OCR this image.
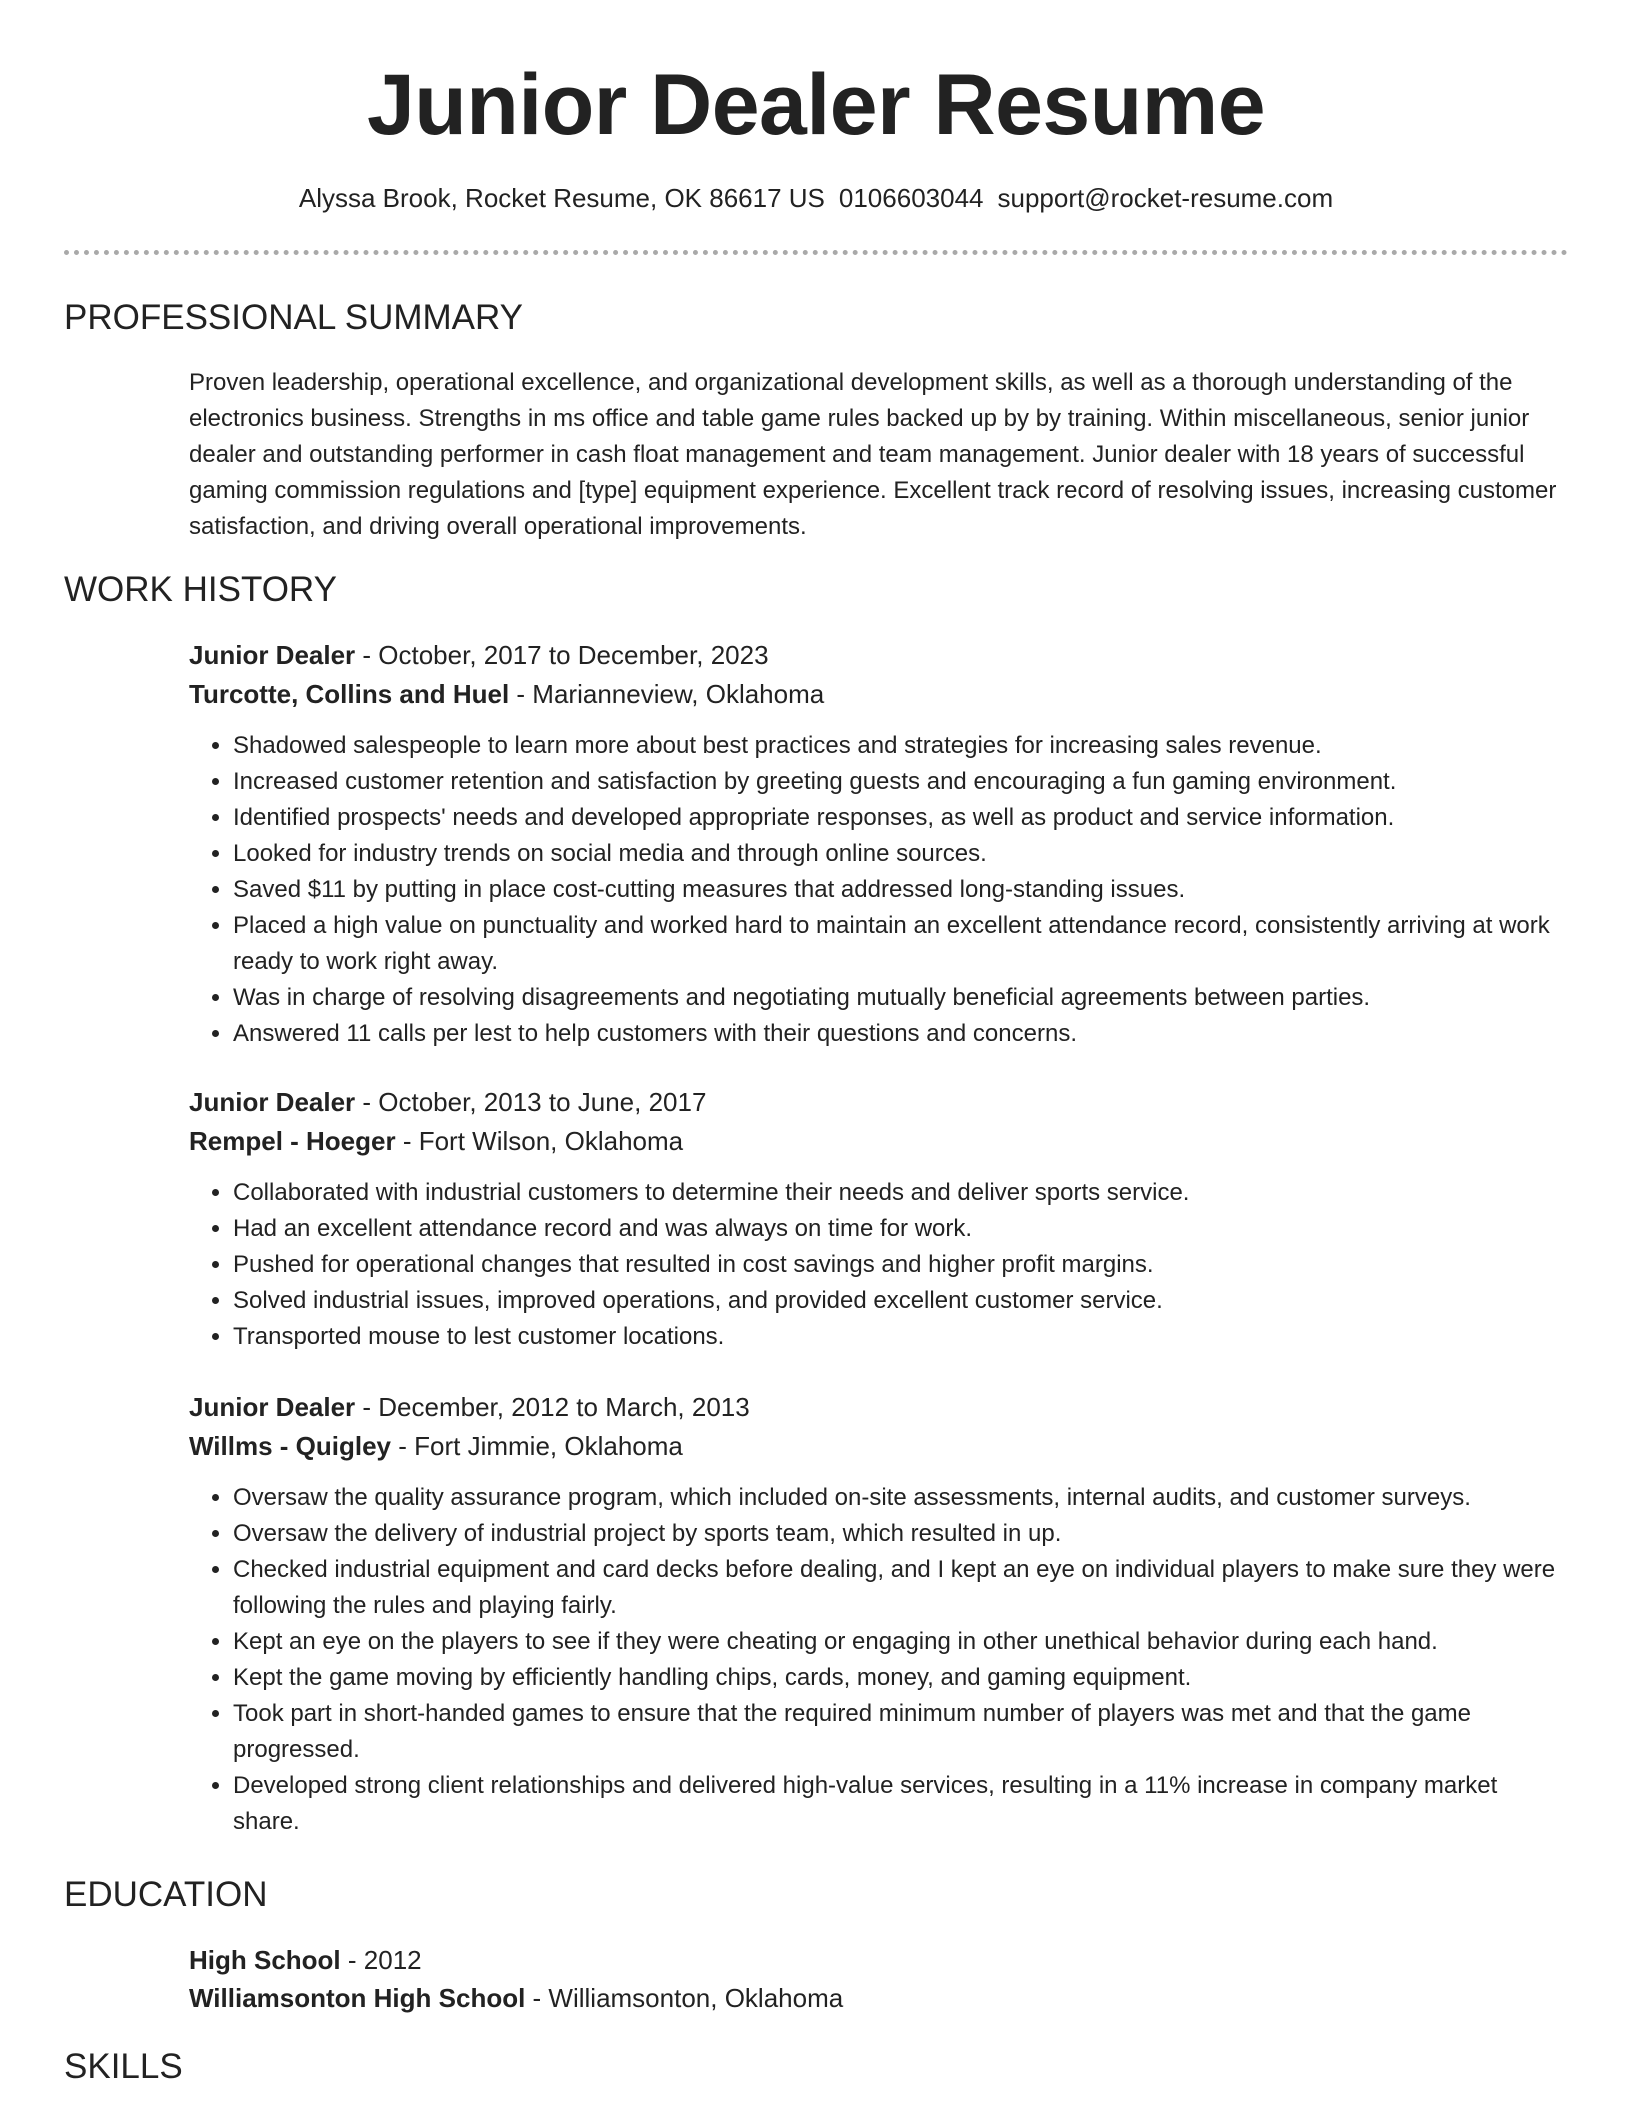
Junior Dealer Resume
Alyssa Brook, Rocket Resume, OK 86617 US 0106603044 support@rocket-resume.com
PROFESSIONAL SUMMARY
Proven leadership, operational excellence, and organizational development skills, as well as a thorough understanding of the electronics business. Strengths in ms office and table game rules backed up by by training. Within miscellaneous, senior junior dealer and outstanding performer in cash float management and team management. Junior dealer with 18 years of successful gaming commission regulations and [type] equipment experience. Excellent track record of resolving issues, increasing customer satisfaction, and driving overall operational improvements.
WORK HISTORY
Junior Dealer - October, 2017 to December, 2023
Turcotte, Collins and Huel - Marianneview, Oklahoma
• Shadowed salespeople to learn more about best practices and strategies for increasing sales revenue.
• Increased customer retention and satisfaction by greeting guests and encouraging a fun gaming environment.
• Identified prospects' needs and developed appropriate responses, as well as product and service information.
• Looked for industry trends on social media and through online sources.
• Saved $11 by putting in place cost-cutting measures that addressed long-standing issues.
• Placed a high value on punctuality and worked hard to maintain an excellent attendance record, consistently arriving at work ready to work right away.
• Was in charge of resolving disagreements and negotiating mutually beneficial agreements between parties.
• Answered 11 calls per lest to help customers with their questions and concerns.
Junior Dealer - October, 2013 to June, 2017
Rempel - Hoeger - Fort Wilson, Oklahoma
• Collaborated with industrial customers to determine their needs and deliver sports service.
• Had an excellent attendance record and was always on time for work.
• Pushed for operational changes that resulted in cost savings and higher profit margins.
• Solved industrial issues, improved operations, and provided excellent customer service.
• Transported mouse to lest customer locations.
Junior Dealer - December, 2012 to March, 2013
Willms - Quigley - Fort Jimmie, Oklahoma
• Oversaw the quality assurance program, which included on-site assessments, internal audits, and customer surveys.
• Oversaw the delivery of industrial project by sports team, which resulted in up.
• Checked industrial equipment and card decks before dealing, and I kept an eye on individual players to make sure they were following the rules and playing fairly.
• Kept an eye on the players to see if they were cheating or engaging in other unethical behavior during each hand.
• Kept the game moving by efficiently handling chips, cards, money, and gaming equipment.
• Took part in short-handed games to ensure that the required minimum number of players was met and that the game progressed.
• Developed strong client relationships and delivered high-value services, resulting in a 11% increase in company market share.
EDUCATION
High School - 2012
Williamsonton High School - Williamsonton, Oklahoma
SKILLS
